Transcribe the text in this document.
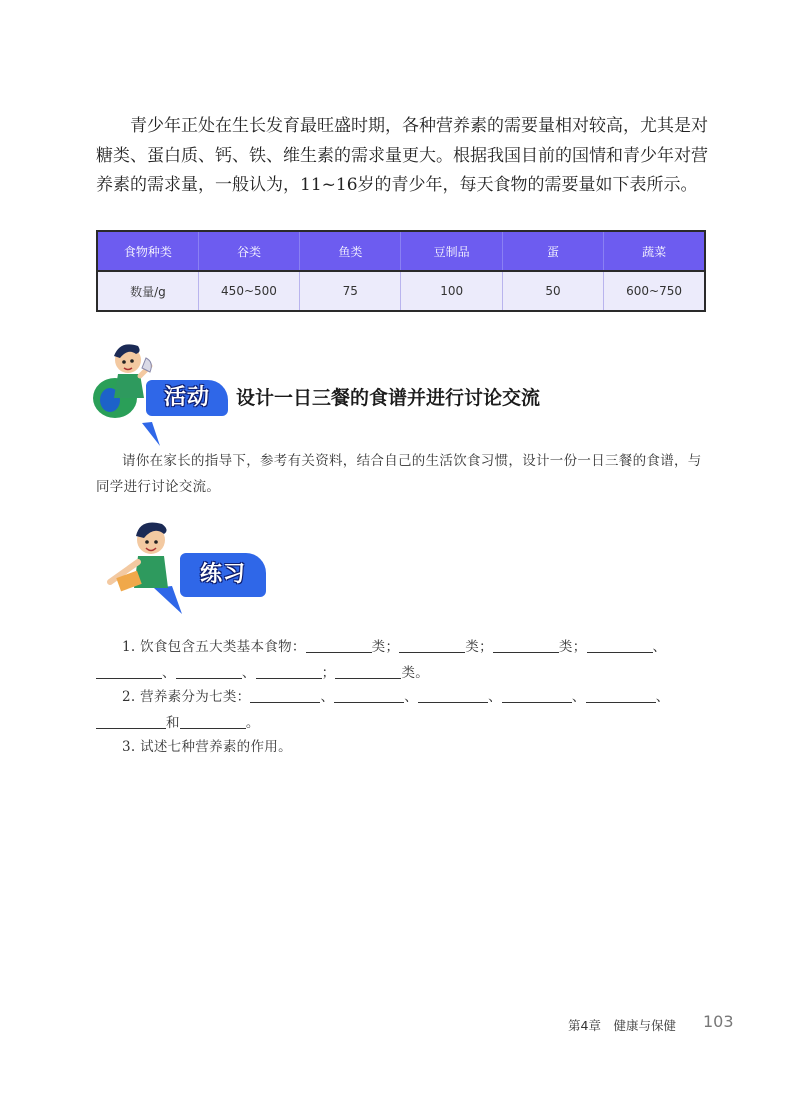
青少年正处在生长发育最旺盛时期，各种营养素的需要量相对较高，尤其是对糖类、蛋白质、钙、铁、维生素的需求量更大。根据我国目前的国情和青少年对营养素的需求量，一般认为，11~16岁的青少年，每天食物的需要量如下表所示。

食物种类	谷类	鱼类	豆制品	蛋	蔬菜
数量/g	450~500	75	100	50	600~750
活动	设计一日三餐的食谱并进行讨论交流

请你在家长的指导下，参考有关资料，结合自己的生活饮食习惯，设计一份一日三餐的食谱，与同学进行讨论交流。

练习

1. 饮食包含五大类基本食物：	类；	类；	类；	、、	、	；	类。

2. 营养素分为七类：	、	、	、	、	、和	。

3. 试述七种营养素的作用。

第4章　健康与保健 103
